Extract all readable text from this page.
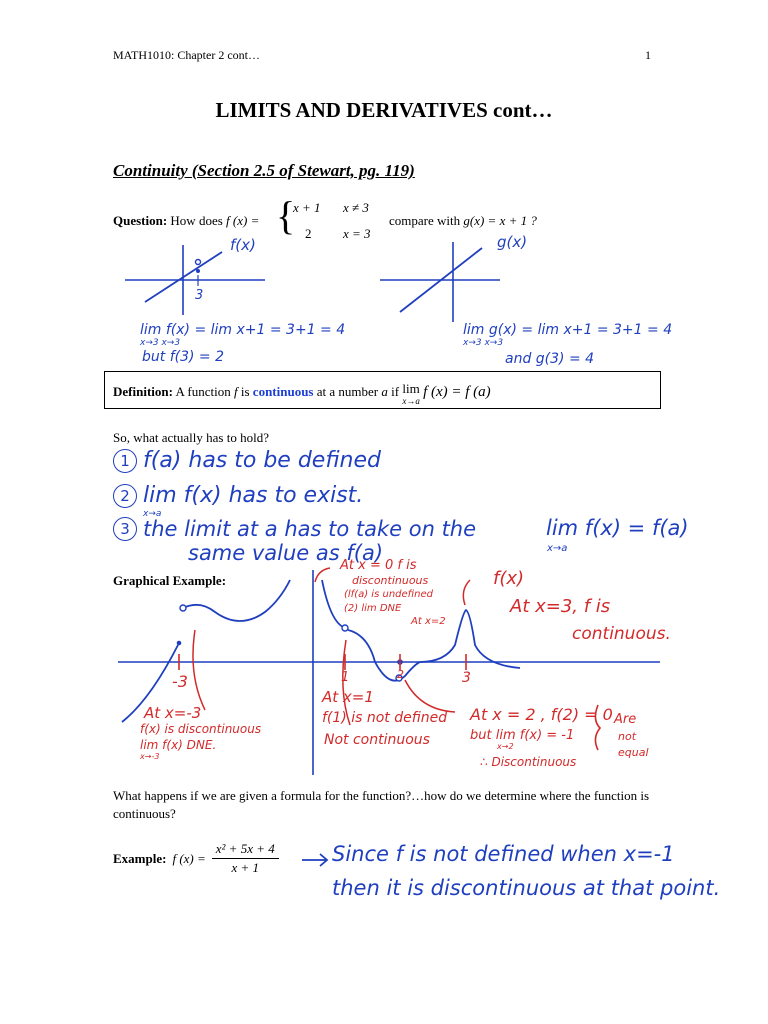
MATH1010: Chapter 2 cont…	1
LIMITS AND DERIVATIVES cont…
Continuity (Section 2.5 of Stewart, pg. 119)
Question: How does f (x) = {
x + 1 x ≠ 3
2 x = 3
compare with g(x) = x + 1 ?
f(x)
3
g(x)
lim f(x) = lim x+1 = 3+1 = 4
x→3 x→3
but f(3) = 2
lim g(x) = lim x+1 = 3+1 = 4
x→3 x→3
and g(3) = 4
Definition: A function f is continuous at a number a if lim
x→a
f (x) = f (a)
So, what actually has to hold?
1 f(a) has to be defined
2 lim f(x) has to exist.
x→a
3 the limit at a has to take on the
same value as f(a)
lim f(x) = f(a)
x→a
Graphical Example:	f(x)
At x=3, f is
continuous.
At x = 0 f is
discontinuous
(lf(a) is undefined
(2) lim DNE
At x=2
-3	1	2	3
At x=-3
f(x) is discontinuous
lim f(x) DNE.
x→-3
At x=1
f(1) is not defined
Not continuous
At x = 2 , f(2) = 0
but lim f(x) = -1
x→2
∴ Discontinuous
Are
not
equal
What happens if we are given a formula for the function?…how do we determine where the function is continuous?
Example: f $(x) = \frac{\text{x² + 5x + 4}}{x + 1}$	Since f is not defined when x=-1
then it is discontinuous at that point.
